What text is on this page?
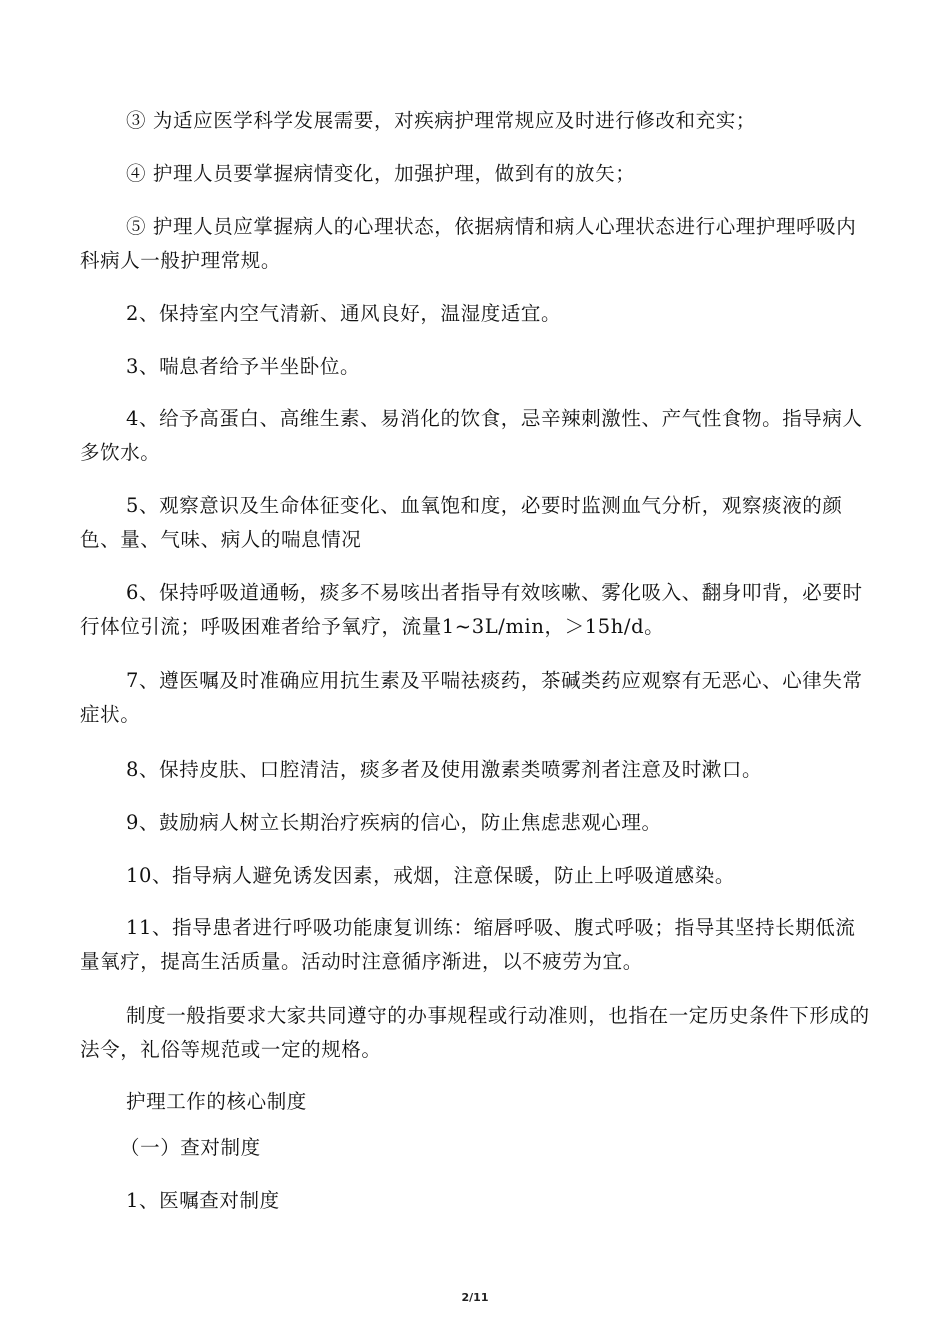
③ 为适应医学科学发展需要，对疾病护理常规应及时进行修改和充实；

④ 护理人员要掌握病情变化，加强护理，做到有的放矢；

⑤ 护理人员应掌握病人的心理状态，依据病情和病人心理状态进行心理护理呼吸内科病人一般护理常规。

2、保持室内空气清新、通风良好，温湿度适宜。

3、喘息者给予半坐卧位。

4、给予高蛋白、高维生素、易消化的饮食，忌辛辣刺激性、产气性食物。指导病人多饮水。

5、观察意识及生命体征变化、血氧饱和度，必要时监测血气分析，观察痰液的颜色、量、气味、病人的喘息情况

6、保持呼吸道通畅，痰多不易咳出者指导有效咳嗽、雾化吸入、翻身叩背，必要时行体位引流；呼吸困难者给予氧疗，流量1~3L/min，＞15h/d。

7、遵医嘱及时准确应用抗生素及平喘祛痰药，茶碱类药应观察有无恶心、心律失常症状。

8、保持皮肤、口腔清洁，痰多者及使用激素类喷雾剂者注意及时漱口。

9、鼓励病人树立长期治疗疾病的信心，防止焦虑悲观心理。

10、指导病人避免诱发因素，戒烟，注意保暖，防止上呼吸道感染。

11、指导患者进行呼吸功能康复训练：缩唇呼吸、腹式呼吸；指导其坚持长期低流量氧疗，提高生活质量。活动时注意循序渐进，以不疲劳为宜。

制度一般指要求大家共同遵守的办事规程或行动准则，也指在一定历史条件下形成的法令，礼俗等规范或一定的规格。

护理工作的核心制度

（一）查对制度

1、医嘱查对制度

2/11
